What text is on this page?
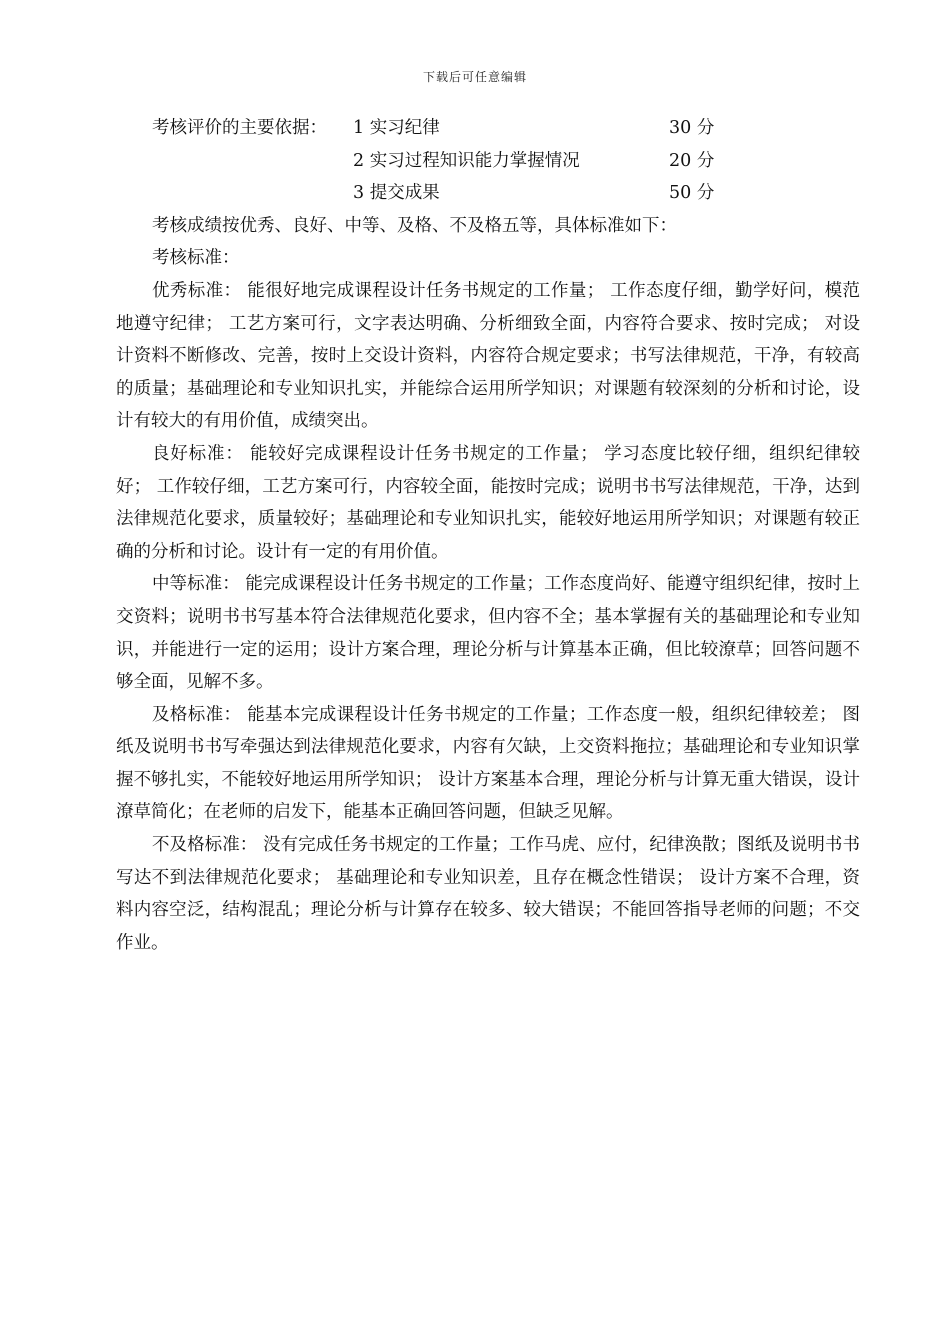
下载后可任意编辑
考核评价的主要依据： 1 实习纪律	30 分
2 实习过程知识能力掌握情况	20 分
3 提交成果	50 分

考核成绩按优秀、良好、中等、及格、不及格五等，具体标准如下：

考核标准：

优秀标准： 能很好地完成课程设计任务书规定的工作量； 工作态度仔细，勤学好问，模范地遵守纪律； 工艺方案可行，文字表达明确、分析细致全面，内容符合要求、按时完成； 对设计资料不断修改、完善，按时上交设计资料，内容符合规定要求；书写法律规范，干净，有较高的质量；基础理论和专业知识扎实，并能综合运用所学知识；对课题有较深刻的分析和讨论，设计有较大的有用价值，成绩突出。

良好标准： 能较好完成课程设计任务书规定的工作量； 学习态度比较仔细，组织纪律较好； 工作较仔细，工艺方案可行，内容较全面，能按时完成；说明书书写法律规范，干净，达到法律规范化要求，质量较好；基础理论和专业知识扎实，能较好地运用所学知识；对课题有较正确的分析和讨论。设计有一定的有用价值。

中等标准： 能完成课程设计任务书规定的工作量；工作态度尚好、能遵守组织纪律，按时上交资料；说明书书写基本符合法律规范化要求，但内容不全；基本掌握有关的基础理论和专业知识，并能进行一定的运用；设计方案合理，理论分析与计算基本正确，但比较潦草；回答问题不够全面，见解不多。

及格标准： 能基本完成课程设计任务书规定的工作量；工作态度一般，组织纪律较差； 图纸及说明书书写牵强达到法律规范化要求，内容有欠缺，上交资料拖拉；基础理论和专业知识掌握不够扎实，不能较好地运用所学知识； 设计方案基本合理，理论分析与计算无重大错误，设计潦草简化；在老师的启发下，能基本正确回答问题，但缺乏见解。

不及格标准： 没有完成任务书规定的工作量；工作马虎、应付，纪律涣散；图纸及说明书书写达不到法律规范化要求； 基础理论和专业知识差，且存在概念性错误； 设计方案不合理，资料内容空泛，结构混乱；理论分析与计算存在较多、较大错误；不能回答指导老师的问题；不交作业。
